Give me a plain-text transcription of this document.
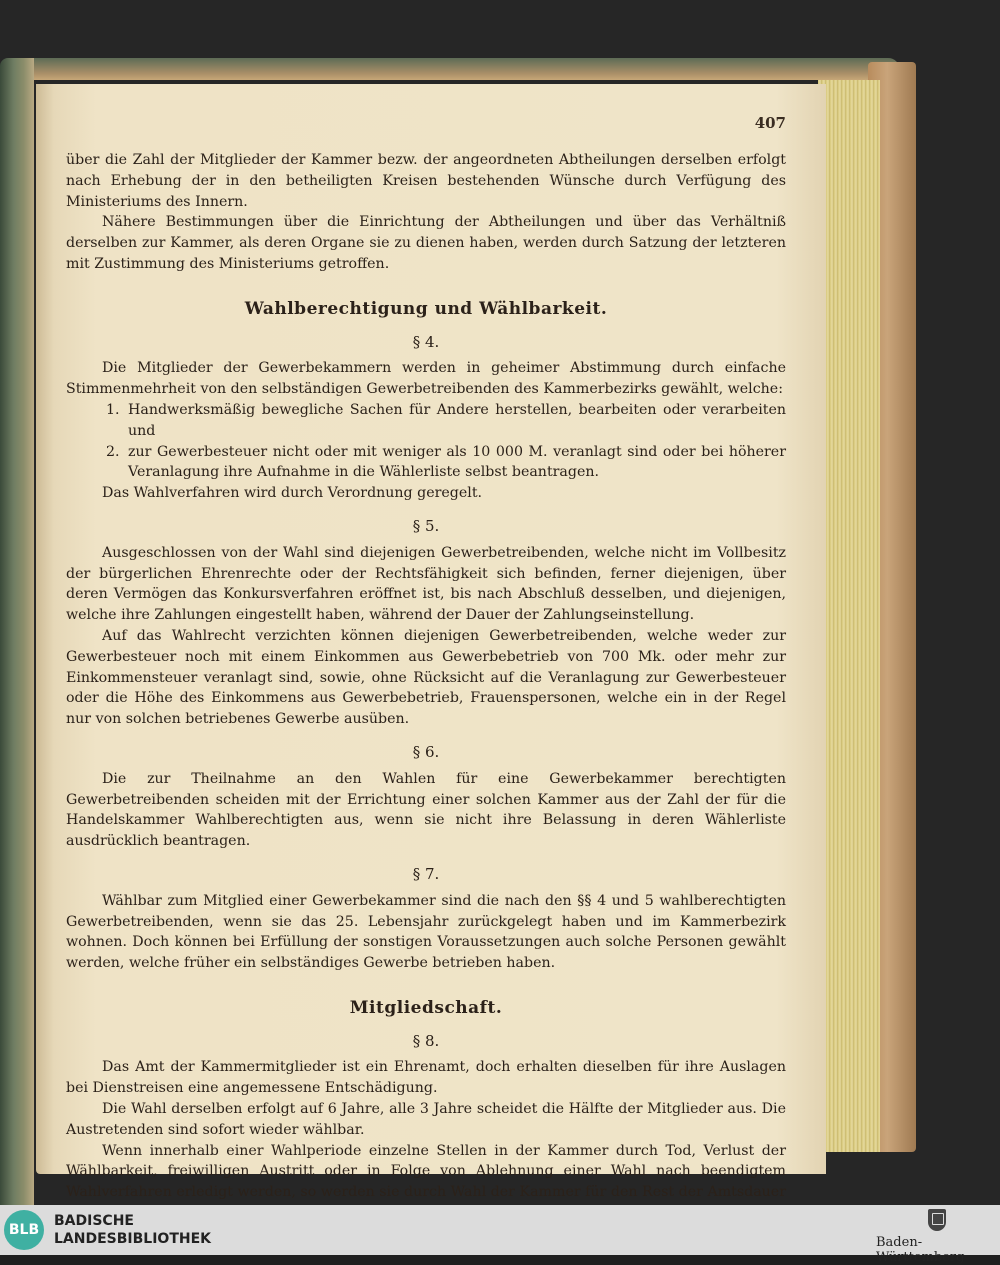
407

über die Zahl der Mitglieder der Kammer bezw. der angeordneten Abtheilungen derselben erfolgt nach Erhebung der in den betheiligten Kreisen bestehenden Wünsche durch Verfügung des Ministeriums des Innern.

Nähere Bestimmungen über die Einrichtung der Abtheilungen und über das Verhältniß derselben zur Kammer, als deren Organe sie zu dienen haben, werden durch Satzung der letzteren mit Zustimmung des Ministeriums getroffen.

Wahlberechtigung und Wählbarkeit.
§ 4.

Die Mitglieder der Gewerbekammern werden in geheimer Abstimmung durch einfache Stimmenmehrheit von den selbständigen Gewerbetreibenden des Kammerbezirks gewählt, welche:

1. Handwerksmäßig bewegliche Sachen für Andere herstellen, bearbeiten oder verarbeiten und
2. zur Gewerbesteuer nicht oder mit weniger als 10 000 M. veranlagt sind oder bei höherer Veranlagung ihre Aufnahme in die Wählerliste selbst beantragen.

Das Wahlverfahren wird durch Verordnung geregelt.

§ 5.

Ausgeschlossen von der Wahl sind diejenigen Gewerbetreibenden, welche nicht im Vollbesitz der bürgerlichen Ehrenrechte oder der Rechtsfähigkeit sich befinden, ferner diejenigen, über deren Vermögen das Konkursverfahren eröffnet ist, bis nach Abschluß desselben, und diejenigen, welche ihre Zahlungen eingestellt haben, während der Dauer der Zahlungseinstellung.

Auf das Wahlrecht verzichten können diejenigen Gewerbetreibenden, welche weder zur Gewerbesteuer noch mit einem Einkommen aus Gewerbebetrieb von 700 Mk. oder mehr zur Einkommensteuer veranlagt sind, sowie, ohne Rücksicht auf die Veranlagung zur Gewerbesteuer oder die Höhe des Einkommens aus Gewerbebetrieb, Frauenspersonen, welche ein in der Regel nur von solchen betriebenes Gewerbe ausüben.

§ 6.

Die zur Theilnahme an den Wahlen für eine Gewerbekammer berechtigten Gewerbetreibenden scheiden mit der Errichtung einer solchen Kammer aus der Zahl der für die Handelskammer Wahlberechtigten aus, wenn sie nicht ihre Belassung in deren Wählerliste ausdrücklich beantragen.

§ 7.

Wählbar zum Mitglied einer Gewerbekammer sind die nach den §§ 4 und 5 wahlberechtigten Gewerbetreibenden, wenn sie das 25. Lebensjahr zurückgelegt haben und im Kammerbezirk wohnen. Doch können bei Erfüllung der sonstigen Voraussetzungen auch solche Personen gewählt werden, welche früher ein selbständiges Gewerbe betrieben haben.

Mitgliedschaft.
§ 8.

Das Amt der Kammermitglieder ist ein Ehrenamt, doch erhalten dieselben für ihre Auslagen bei Dienstreisen eine angemessene Entschädigung.

Die Wahl derselben erfolgt auf 6 Jahre, alle 3 Jahre scheidet die Hälfte der Mitglieder aus. Die Austretenden sind sofort wieder wählbar.

Wenn innerhalb einer Wahlperiode einzelne Stellen in der Kammer durch Tod, Verlust der Wählbarkeit, freiwilligen Austritt oder in Folge von Ablehnung einer Wahl nach beendigtem Wahlverfahren erledigt werden, so werden sie durch Wahl der Kammer für den Rest der Amtsdauer

BLB
BADISCHE
LANDESBIBLIOTHEK	Baden-Württemberg
